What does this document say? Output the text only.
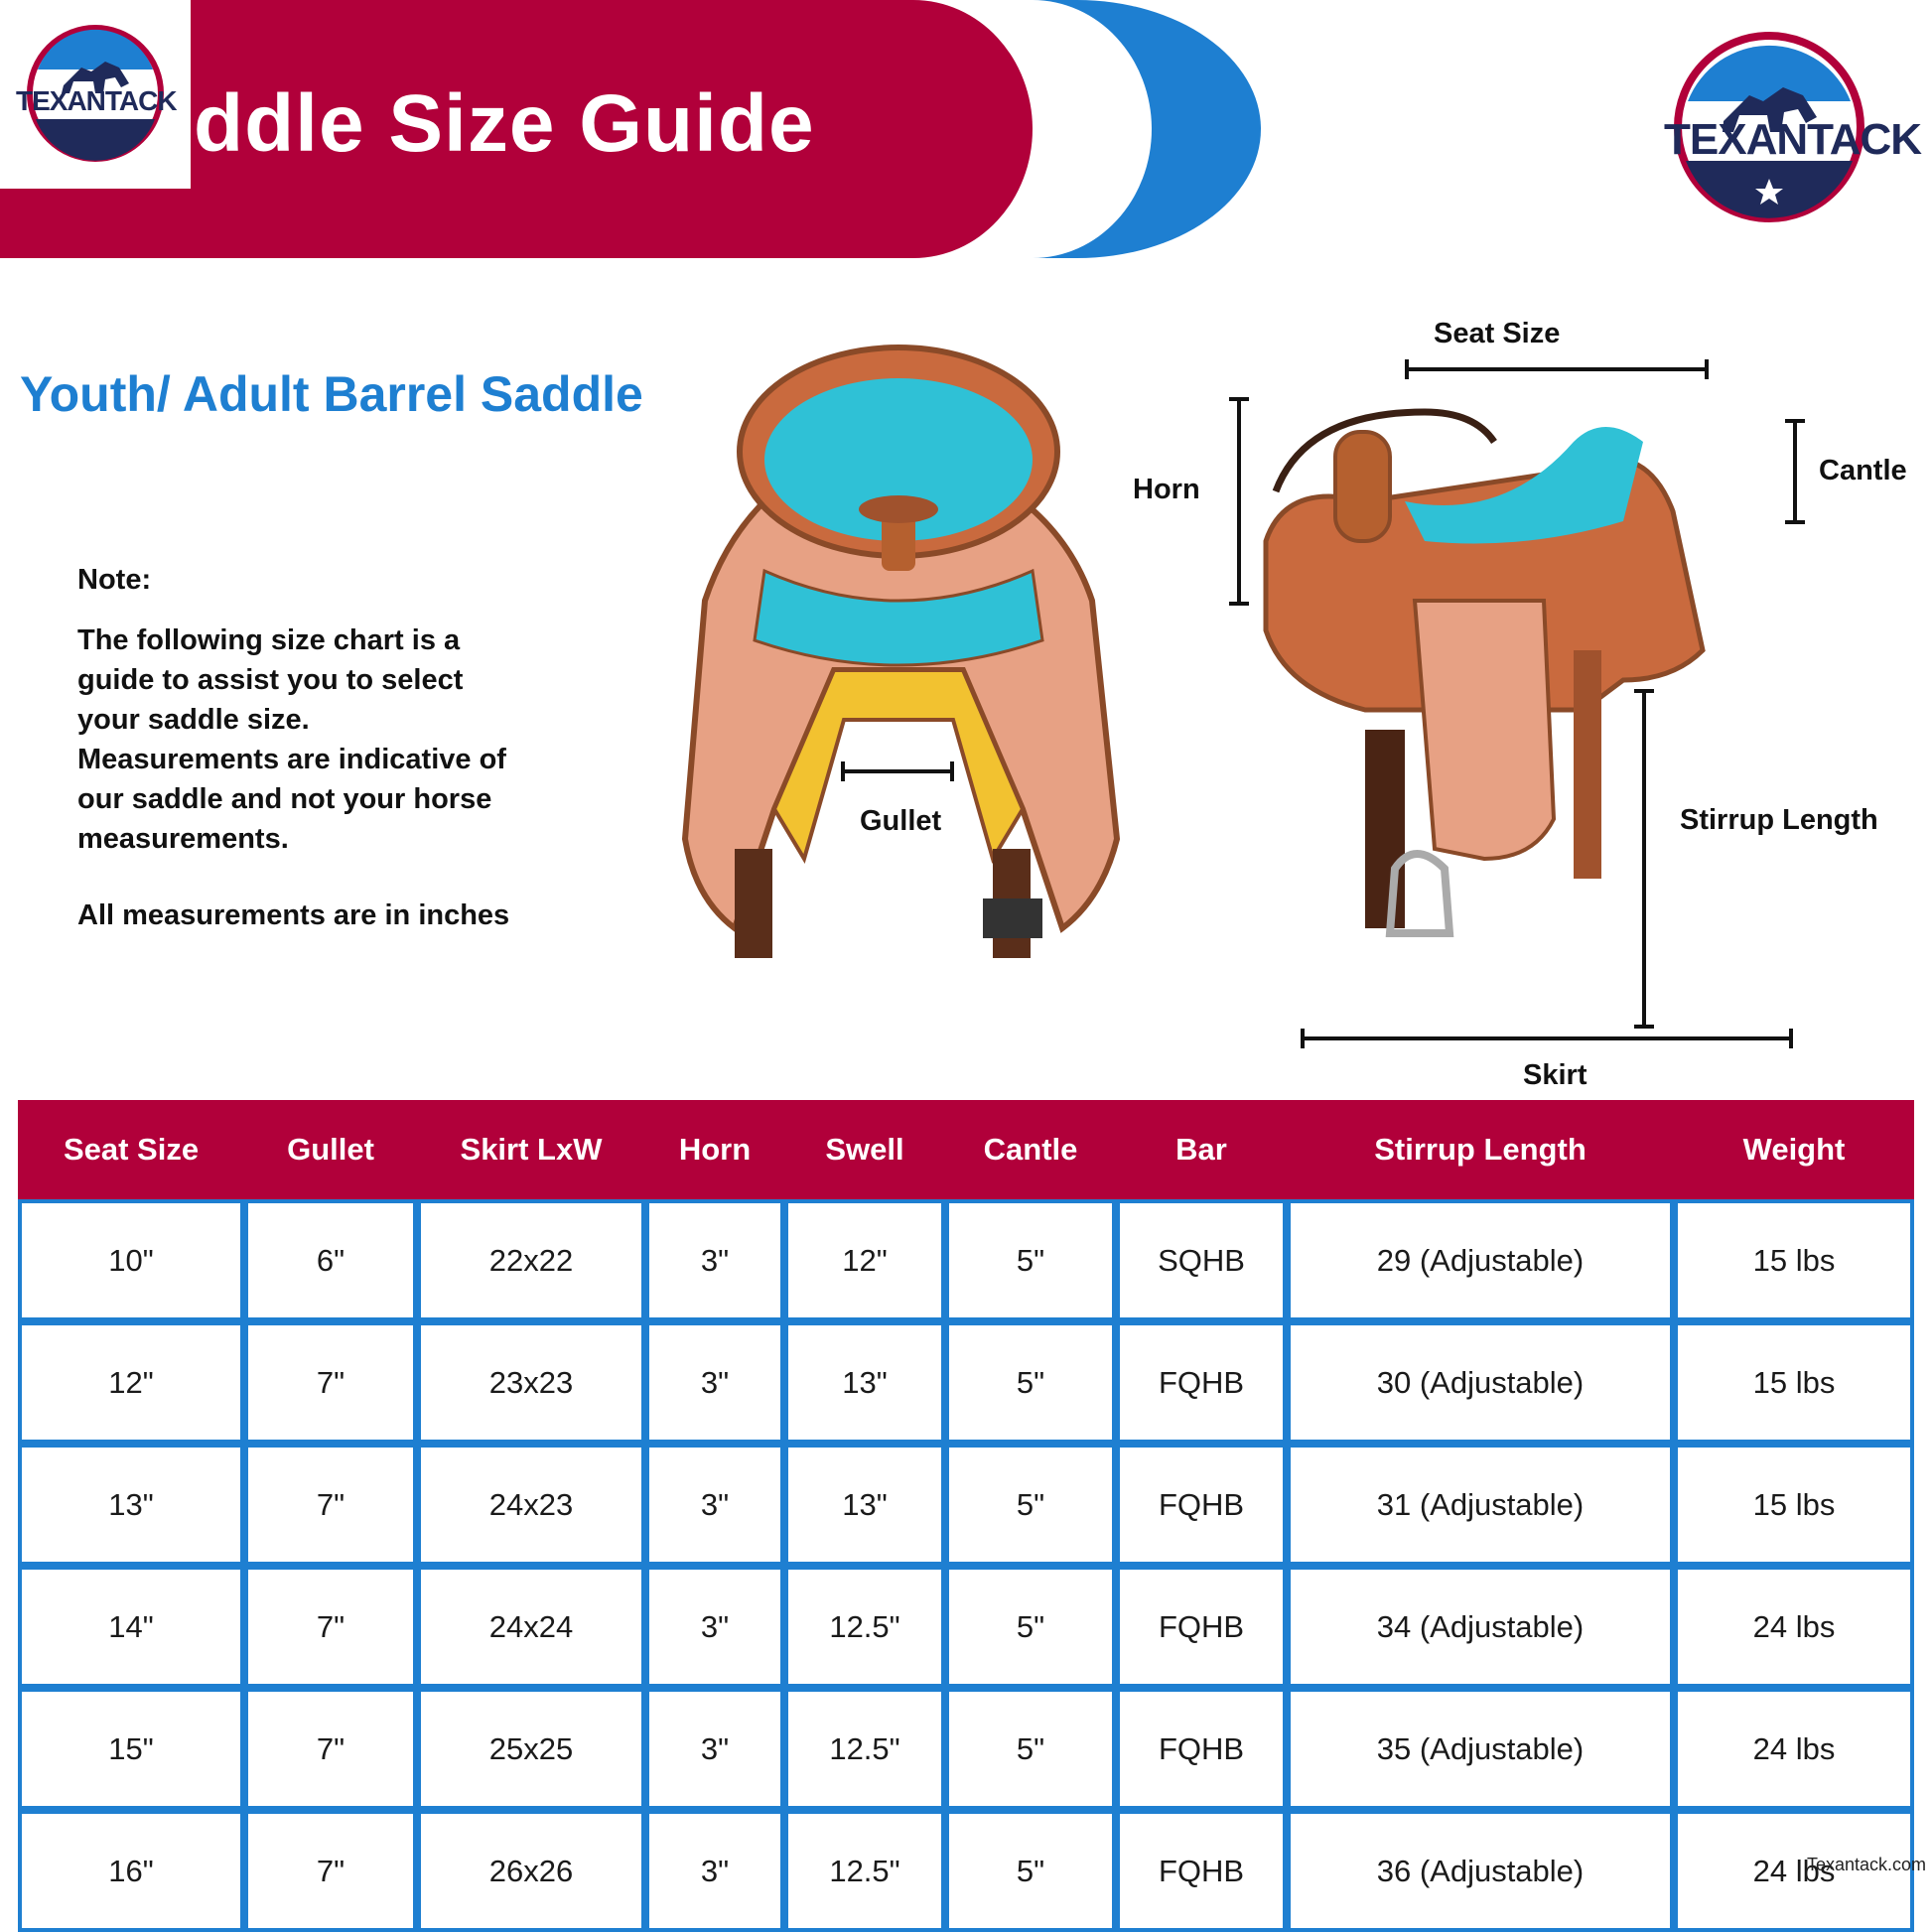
TEXANTACK ddle Size Guide	TEXANTACK
Youth/ Adult Barrel Saddle
Note:
The following size chart is a
guide to assist you to select
your saddle size.
Measurements are indicative of
our saddle and not your horse
measurements.
All measurements are in inches
Gullet
Seat Size
Horn
Cantle
Stirrup Length
Skirt
Seat Size	Gullet	Skirt LxW	Horn	Swell	Cantle	Bar	Stirrup Length	Weight
10"	6"	22x22	3"	12"	5"	SQHB	29 (Adjustable)	15 lbs
12"	7"	23x23	3"	13"	5"	FQHB	30 (Adjustable)	15 lbs
13"	7"	24x23	3"	13"	5"	FQHB	31 (Adjustable)	15 lbs
14"	7"	24x24	3"	12.5"	5"	FQHB	34 (Adjustable)	24 lbs
15"	7"	25x25	3"	12.5"	5"	FQHB	35 (Adjustable)	24 lbs
16"	7"	26x26	3"	12.5"	5"	FQHB	36 (Adjustable)	24 lbs
Texantack.com
